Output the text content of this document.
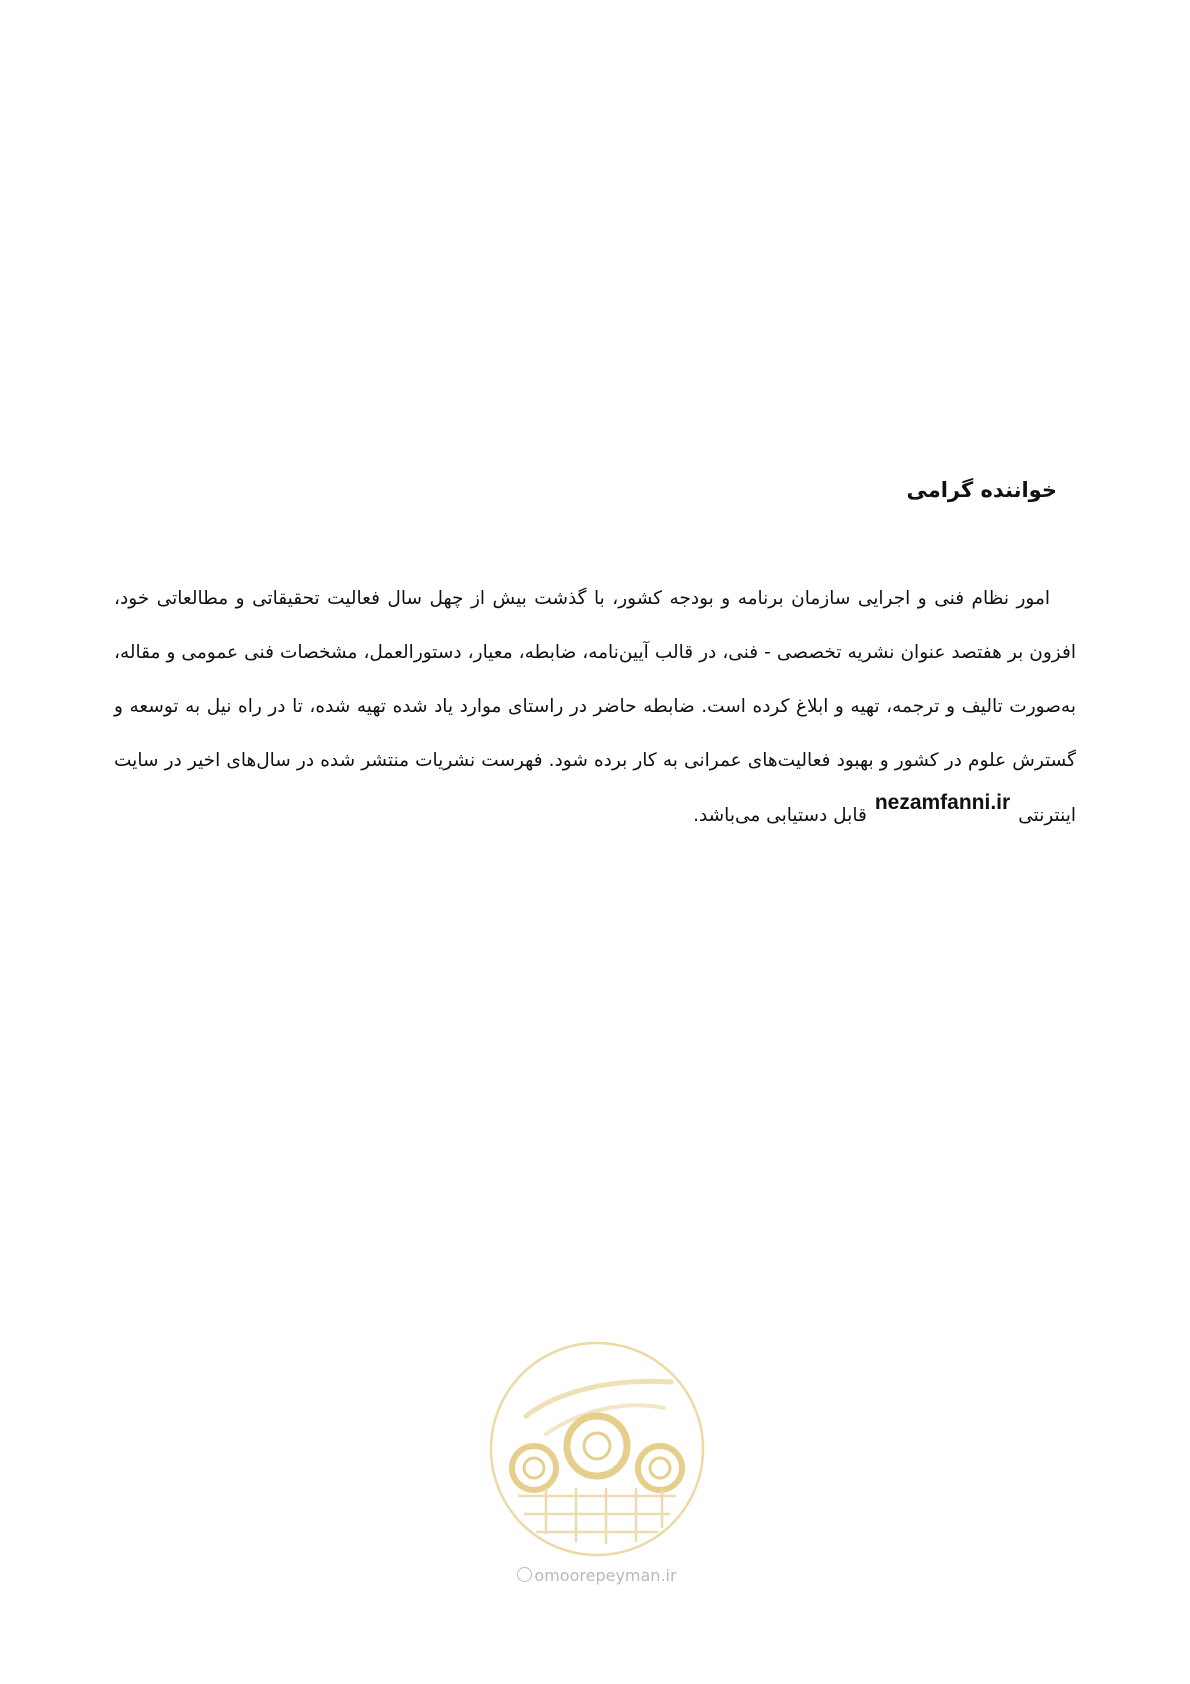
خواننده گرامی

امور نظام فنی و اجرایی سازمان برنامه و بودجه کشور، با گذشت بیش از چهل سال فعالیت تحقیقاتی و مطالعاتی خود، افزون بر هفتصد عنوان نشریه تخصصی - فنی، در قالب آیین‌نامه، ضابطه، معیار، دستورالعمل، مشخصات فنی عمومی و مقاله، به‌صورت تالیف و ترجمه، تهیه و ابلاغ کرده است. ضابطه حاضر در راستای موارد یاد شده تهیه شده، تا در راه نیل به توسعه و گسترش علوم در کشور و بهبود فعالیت‌های عمرانی به کار برده شود. فهرست نشریات منتشر شده در سال‌های اخیر در سایت اینترنتیnezamfanni.irقابل دستیابی می‌باشد.

omoorepeyman.ir
